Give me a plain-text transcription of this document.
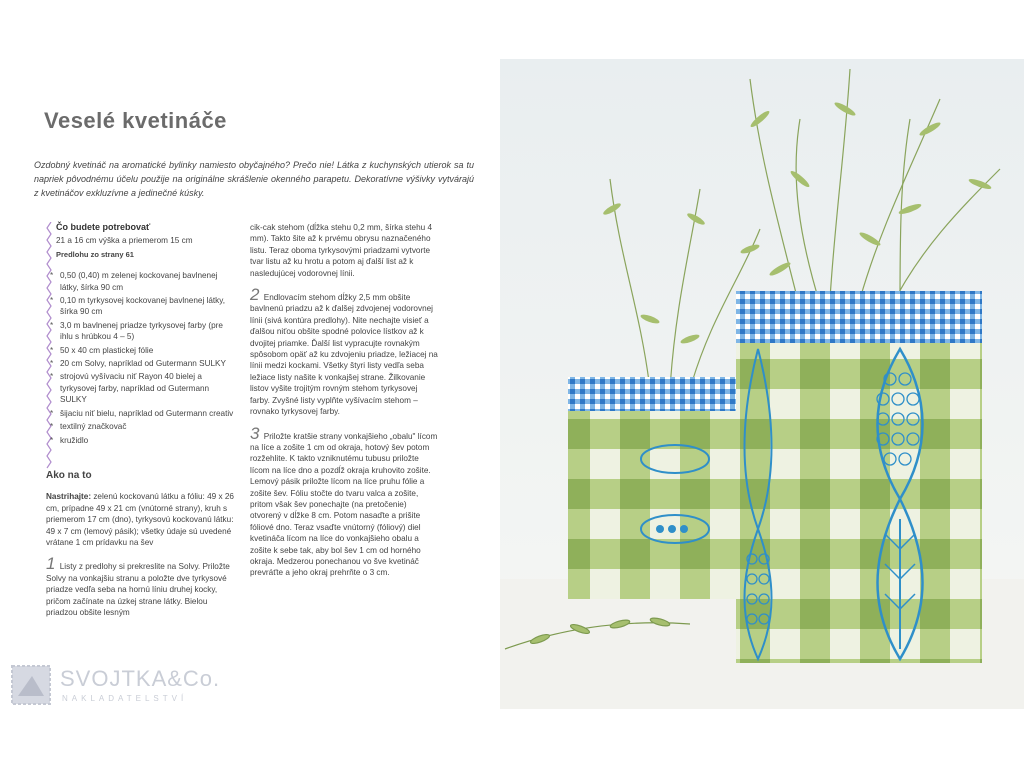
Veselé kvetináče
Ozdobný kvetináč na aromatické bylinky namiesto obyčajného? Prečo nie! Látka z kuchynských utierok sa tu napriek pôvodnému účelu použije na originálne skrášlenie okenného parapetu. Dekoratívne výšivky vytvárajú z kvetináčov exkluzívne a jedinečné kúsky.
Čo budete potrebovať
21 a 16 cm výška a priemerom 15 cm
Predlohu zo strany 61
* 0,50 (0,40) m zelenej kockovanej bavlnenej látky, šírka 90 cm
* 0,10 m tyrkysovej kockovanej bavlnenej látky, šírka 90 cm
* 3,0 m bavlnenej priadze tyrkysovej farby (pre ihlu s hrúbkou 4 – 5)
* 50 x 40 cm plastickej fólie
* 20 cm Solvy, napríklad od Gutermann SULKY
* strojovú vyšívaciu niť Rayon 40 bielej a tyrkysovej farby, napríklad od Gutermann SULKY
* šijaciu niť bielu, napríklad od Gutermann creativ
* textilný značkovač
* kružidlo
Ako na to
Nastrihajte: zelenú kockovanú látku a fóliu: 49 x 26 cm, prípadne 49 x 21 cm (vnútorné strany), kruh s priemerom 17 cm (dno), tyrkysovú kockovanú látku: 49 x 7 cm (lemový pásik); všetky údaje sú uvedené vrátane 1 cm prídavku na šev
1 Listy z predlohy si prekreslite na Solvy. Priložte Solvy na vonkajšiu stranu a položte dve tyrkysové priadze vedľa seba na hornú líniu druhej kocky, pričom začínate na úzkej strane látky. Bielou priadzou obšite lesným
cik-cak stehom (dĺžka stehu 0,2 mm, šírka stehu 4 mm). Takto šite až k prvému obrysu naznačeného listu. Teraz oboma tyrkysovými priadzami vytvorte tvar listu až ku hrotu a potom aj ďalší list až k nasledujúcej vodorovnej línii.
2 Endlovacím stehom dĺžky 2,5 mm obšite bavlnenú priadzu až k ďalšej zdvojenej vodorovnej línii (sivá kontúra predlohy). Nite nechajte visieť a ďalšou niťou obšite spodné polovice lístkov až k dvojitej priamke. Ďalší list vypracujte rovnakým spôsobom opäť až ku zdvojeniu priadze, ležiacej na línii medzi kockami. Všetky štyri listy vedľa seba ležiace listy našite k vonkajšej strane. Žilkovanie listov vyšite trojitým rovným stehom tyrkysovej farby. Zvyšné listy vyplňte vyšívacím stehom – rovnako tyrkysovej farby.
3 Priložte kratšie strany vonkajšieho „obalu" lícom na líce a zošite 1 cm od okraja, hotový šev potom rozžehlite. K takto vzniknutému tubusu priložte lícom na líce dno a pozdĺž okraja kruhovito zošite. Lemový pásik priložte lícom na líce pruhu fólie a zošite šev. Fóliu stočte do tvaru valca a zošite, pritom však šev ponechajte (na pretočenie) otvorený v dĺžke 8 cm. Potom nasaďte a prišite fóliové dno. Teraz vsaďte vnútorný (fóliový) diel kvetináča lícom na líce do vonkajšieho obalu a zošite k sebe tak, aby bol šev 1 cm od horného okraja. Medzerou ponechanou vo šve kvetináč prevráťte a jeho okraj prehrňte o 3 cm.
SVOJTKA&Co.
NAKLADATELSTVÍ
